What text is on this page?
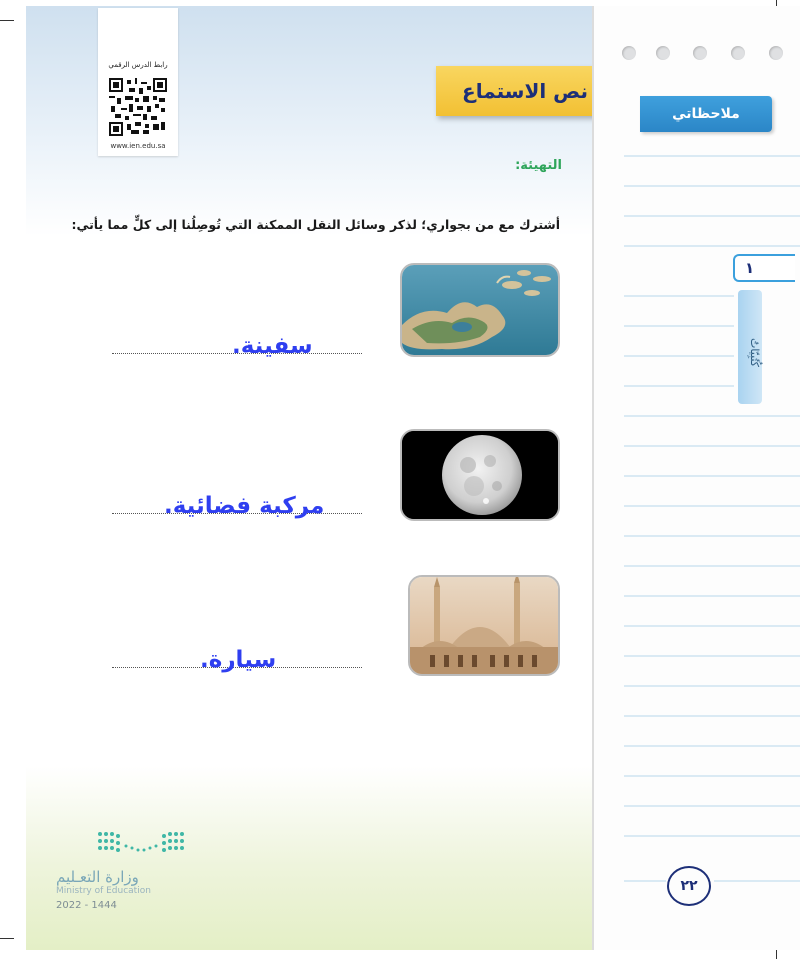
رابط الدرس الرقمي
www.ien.edu.sa
نص الاستماع
التهيئة:
أشترك مع من بجواري؛ لذكر وسائل النقل الممكنة التي تُوصِلُنا إلى كلٍّ مما يأتي:
سفينة.
مركبة فضائية.
سيارة.
وزارة التعـليم
Ministry of Education
2022 - 1444
ملاحظاتي
١
كُتُبِيّاتُ
٢٢
